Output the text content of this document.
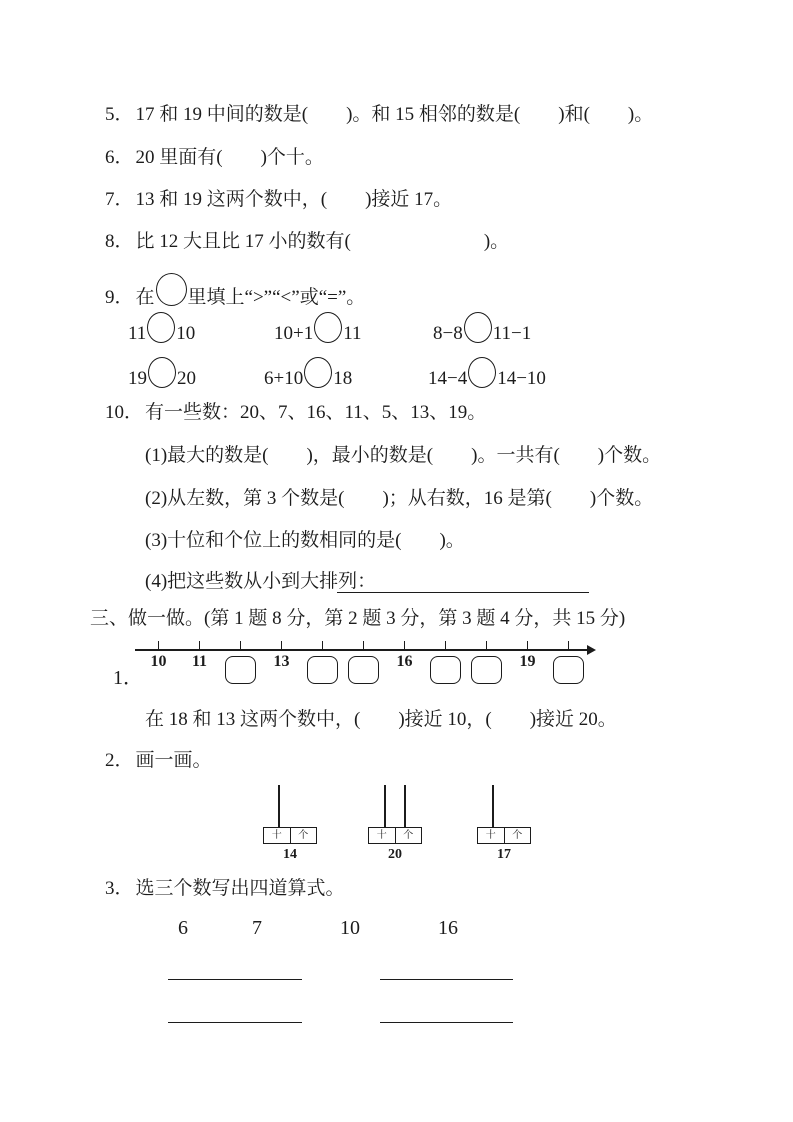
5． 17 和 19 中间的数是(　　)。和 15 相邻的数是(　　)和(　　)。
6． 20 里面有(　　)个十。
7． 13 和 19 这两个数中，(　　)接近 17。
8． 比 12 大且比 17 小的数有(　　　　　　　)。
9． 在 里填上“>”“<”或“=”。
11 10	10+1 11	8−8 11−1
19 20	6+10 18	14−4 14−10
10． 有一些数：20、7、16、11、5、13、19。
(1)最大的数是(　　)，最小的数是(　　)。一共有(　　)个数。
(2)从左数，第 3 个数是(　　)；从右数，16 是第(　　)个数。
(3)十位和个位上的数相同的是(　　)。
(4)把这些数从小到大排列：
三、做一做。(第 1 题 8 分，第 2 题 3 分，第 3 题 4 分，共 15 分)
1．
10 11	13	16	19
在 18 和 13 这两个数中，(　　)接近 10，(　　)接近 20。
2． 画一画。
十	个
14
十	个
20
十	个
17
3． 选三个数写出四道算式。
6	7	10	16
